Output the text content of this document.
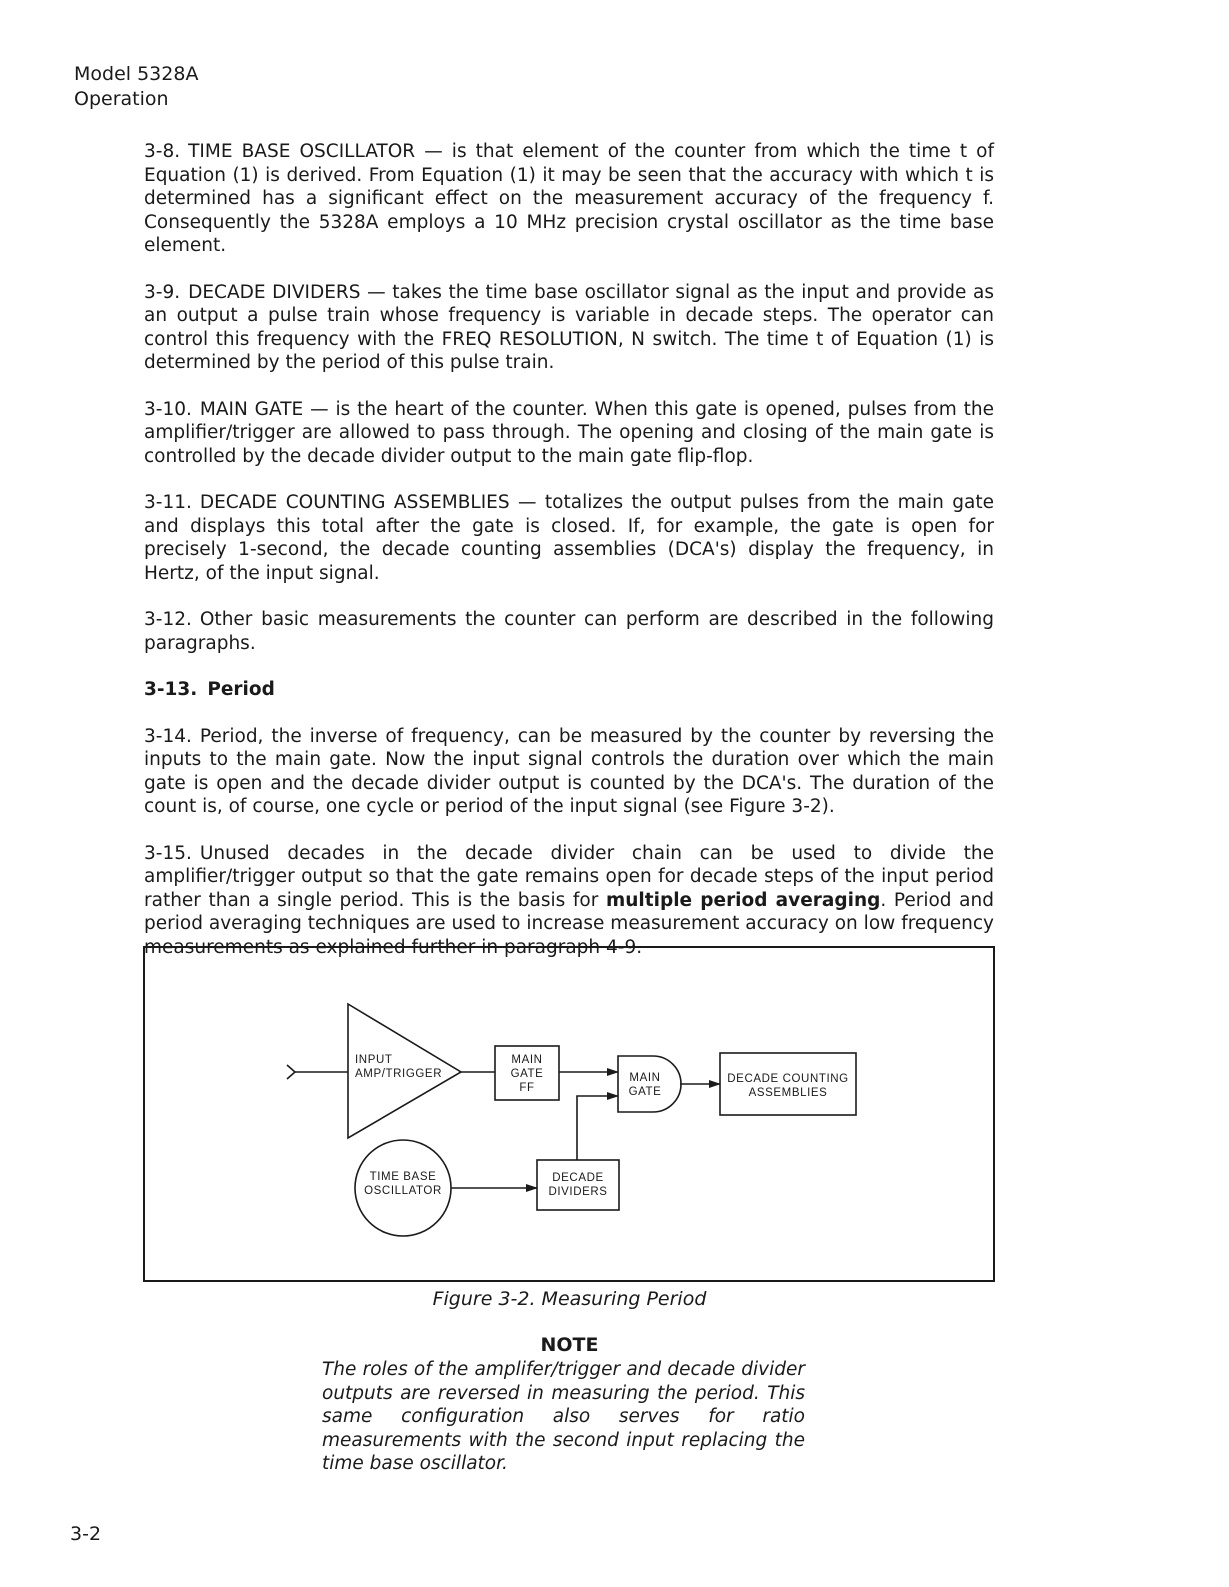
Model 5328A
Operation

3-8. TIME BASE OSCILLATOR — is that element of the counter from which the time t of Equation (1) is derived. From Equation (1) it may be seen that the accuracy with which t is determined has a significant effect on the measurement accuracy of the frequency f. Consequently the 5328A employs a 10 MHz precision crystal oscillator as the time base element.

3-9. DECADE DIVIDERS — takes the time base oscillator signal as the input and provide as an output a pulse train whose frequency is variable in decade steps. The operator can control this frequency with the FREQ RESOLUTION, N switch. The time t of Equation (1) is determined by the period of this pulse train.

3-10. MAIN GATE — is the heart of the counter. When this gate is opened, pulses from the amplifier/trigger are allowed to pass through. The opening and closing of the main gate is controlled by the decade divider output to the main gate flip-flop.

3-11. DECADE COUNTING ASSEMBLIES — totalizes the output pulses from the main gate and displays this total after the gate is closed. If, for example, the gate is open for precisely 1-second, the decade counting assemblies (DCA's) display the frequency, in Hertz, of the input signal.

3-12. Other basic measurements the counter can perform are described in the following paragraphs.

3-13. Period

3-14. Period, the inverse of frequency, can be measured by the counter by reversing the inputs to the main gate. Now the input signal controls the duration over which the main gate is open and the decade divider output is counted by the DCA's. The duration of the count is, of course, one cycle or period of the input signal (see Figure 3-2).

3-15. Unused decades in the decade divider chain can be used to divide the amplifier/trigger output so that the gate remains open for decade steps of the input period rather than a single period. This is the basis for multiple period averaging. Period and period averaging techniques are used to increase measurement accuracy on low frequency measurements as explained further in paragraph 4-9.

INPUT
AMP/TRIGGER
MAIN
GATE
FF
MAIN
GATE
DECADE COUNTING
ASSEMBLIES
TIME BASE
OSCILLATOR
DECADE
DIVIDERS
Figure 3-2. Measuring Period
NOTE
The roles of the amplifer/trigger and decade divider outputs are reversed in measuring the period. This same configuration also serves for ratio measurements with the second input replacing the time base oscillator.
3-2
